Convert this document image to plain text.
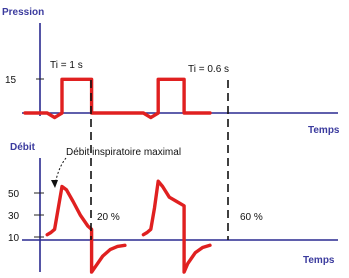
Pression
Temps
15
Ti = 1 s	Ti = 0.6 s
Débit
Temps
50
30
10
Débit inspiratoire maximal
20 %	60 %
